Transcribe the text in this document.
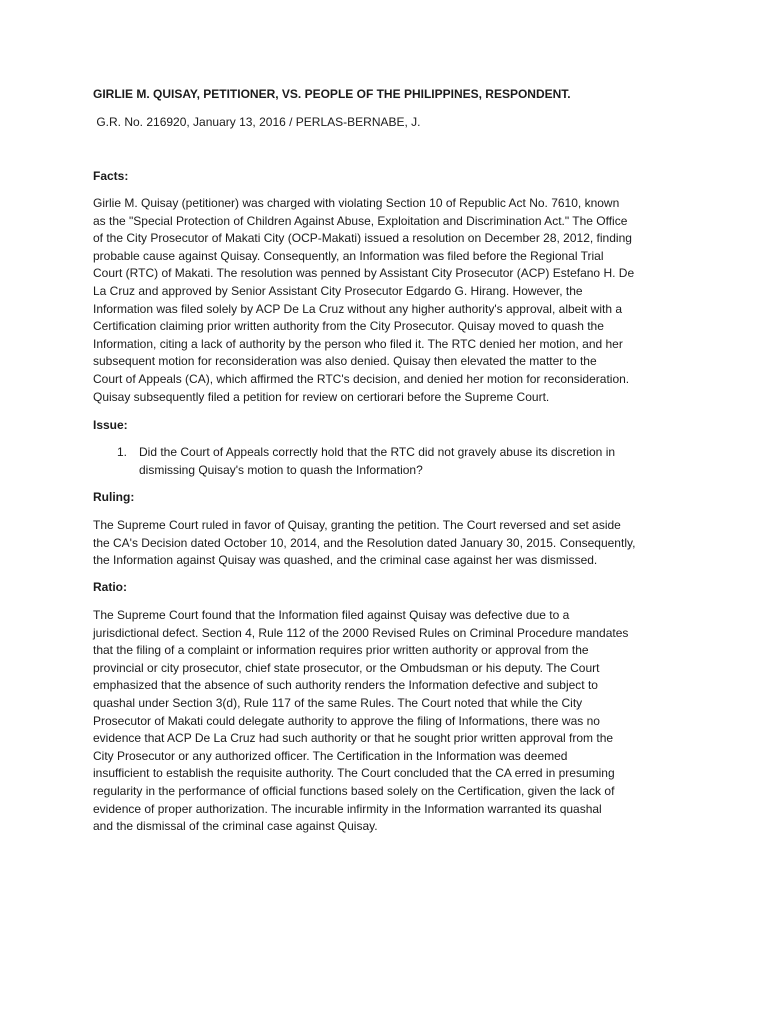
GIRLIE M. QUISAY, PETITIONER, VS. PEOPLE OF THE PHILIPPINES, RESPONDENT.
G.R. No. 216920, January 13, 2016 / PERLAS-BERNABE, J.
Facts:
Girlie M. Quisay (petitioner) was charged with violating Section 10 of Republic Act No. 7610, known
as the "Special Protection of Children Against Abuse, Exploitation and Discrimination Act." The Office
of the City Prosecutor of Makati City (OCP-Makati) issued a resolution on December 28, 2012, finding
probable cause against Quisay. Consequently, an Information was filed before the Regional Trial
Court (RTC) of Makati. The resolution was penned by Assistant City Prosecutor (ACP) Estefano H. De
La Cruz and approved by Senior Assistant City Prosecutor Edgardo G. Hirang. However, the
Information was filed solely by ACP De La Cruz without any higher authority's approval, albeit with a
Certification claiming prior written authority from the City Prosecutor. Quisay moved to quash the
Information, citing a lack of authority by the person who filed it. The RTC denied her motion, and her
subsequent motion for reconsideration was also denied. Quisay then elevated the matter to the
Court of Appeals (CA), which affirmed the RTC's decision, and denied her motion for reconsideration.
Quisay subsequently filed a petition for review on certiorari before the Supreme Court.
Issue:
1. Did the Court of Appeals correctly hold that the RTC did not gravely abuse its discretion in
dismissing Quisay's motion to quash the Information?
Ruling:
The Supreme Court ruled in favor of Quisay, granting the petition. The Court reversed and set aside
the CA's Decision dated October 10, 2014, and the Resolution dated January 30, 2015. Consequently,
the Information against Quisay was quashed, and the criminal case against her was dismissed.
Ratio:
The Supreme Court found that the Information filed against Quisay was defective due to a
jurisdictional defect. Section 4, Rule 112 of the 2000 Revised Rules on Criminal Procedure mandates
that the filing of a complaint or information requires prior written authority or approval from the
provincial or city prosecutor, chief state prosecutor, or the Ombudsman or his deputy. The Court
emphasized that the absence of such authority renders the Information defective and subject to
quashal under Section 3(d), Rule 117 of the same Rules. The Court noted that while the City
Prosecutor of Makati could delegate authority to approve the filing of Informations, there was no
evidence that ACP De La Cruz had such authority or that he sought prior written approval from the
City Prosecutor or any authorized officer. The Certification in the Information was deemed
insufficient to establish the requisite authority. The Court concluded that the CA erred in presuming
regularity in the performance of official functions based solely on the Certification, given the lack of
evidence of proper authorization. The incurable infirmity in the Information warranted its quashal
and the dismissal of the criminal case against Quisay.
